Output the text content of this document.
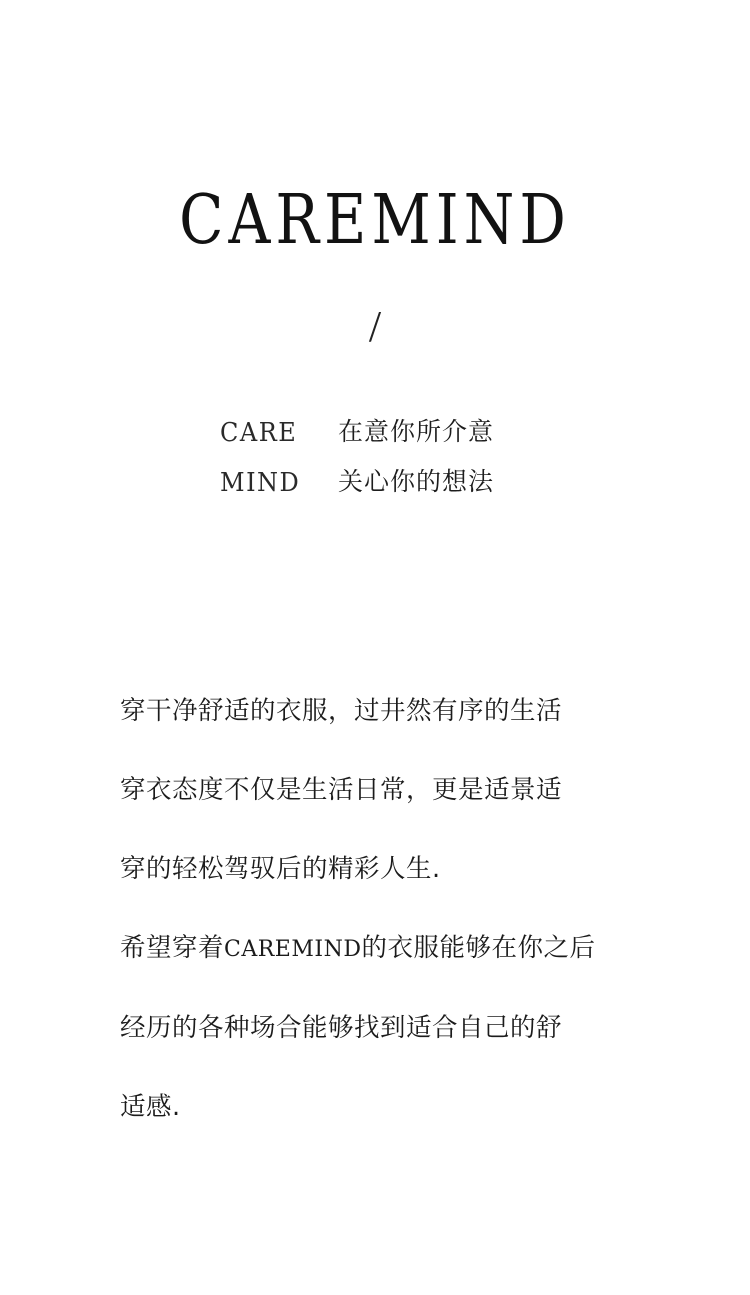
CAREMIND
/
CARE	在意你所介意
MIND	关心你的想法
穿干净舒适的衣服，过井然有序的生活
穿衣态度不仅是生活日常，更是适景适
穿的轻松驾驭后的精彩人生.
希望穿着CAREMIND的衣服能够在你之后
经历的各种场合能够找到适合自己的舒
适感.
